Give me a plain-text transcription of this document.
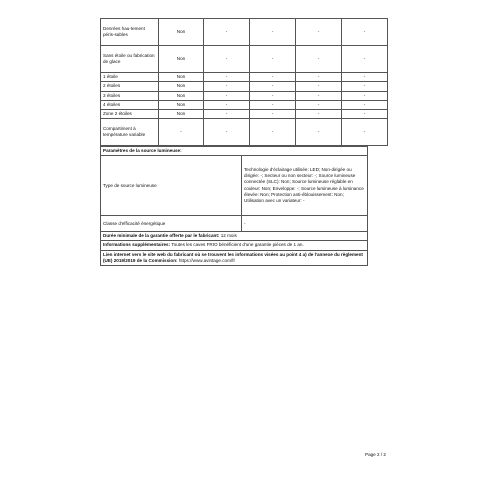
Denrées hau-tement péris-sables	Non	-	-	-	-
Sans étoile ou fabrication de glace	Non	-	-	-	-
1 étoile	Non	-	-	-	-
2 étoiles	Non	-	-	-	-
3 étoiles	Non	-	-	-	-
4 étoiles	Non	-	-	-	-
Zone 2 étoiles	Non	-	-	-	-
Compartiment à température variable	-	-	-	-	-
Paramètres de la source lumineuse:	
Type de source lumineuse	Technologie d'éclairage utilisée: LED; Non-dirigée ou dirigée: -; Secteur ou non secteur: -; Source lumineuse connectée (SLC): Non; Source lumineuse réglable en couleur: Non; Enveloppe: -; Source lumineuse à luminance élevée: Non; Protection anti-éblouissement: Non; Utilisation avec un variateur: -
Classe d'efficacité énergétique	-
Durée minimale de la garantie offerte par le fabricant: 12 mois	
Informations supplémentaires: Toutes les caves FRIO bénéficient d'une garantie pièces de 1 an.	
Lien internet vers le site web du fabricant où se trouvent les informations visées au point 4 a) de l'annexe du règlement (UE) 2019/2019 de la Commission: https://www.avintage.com/fr	
Page 2 / 2
